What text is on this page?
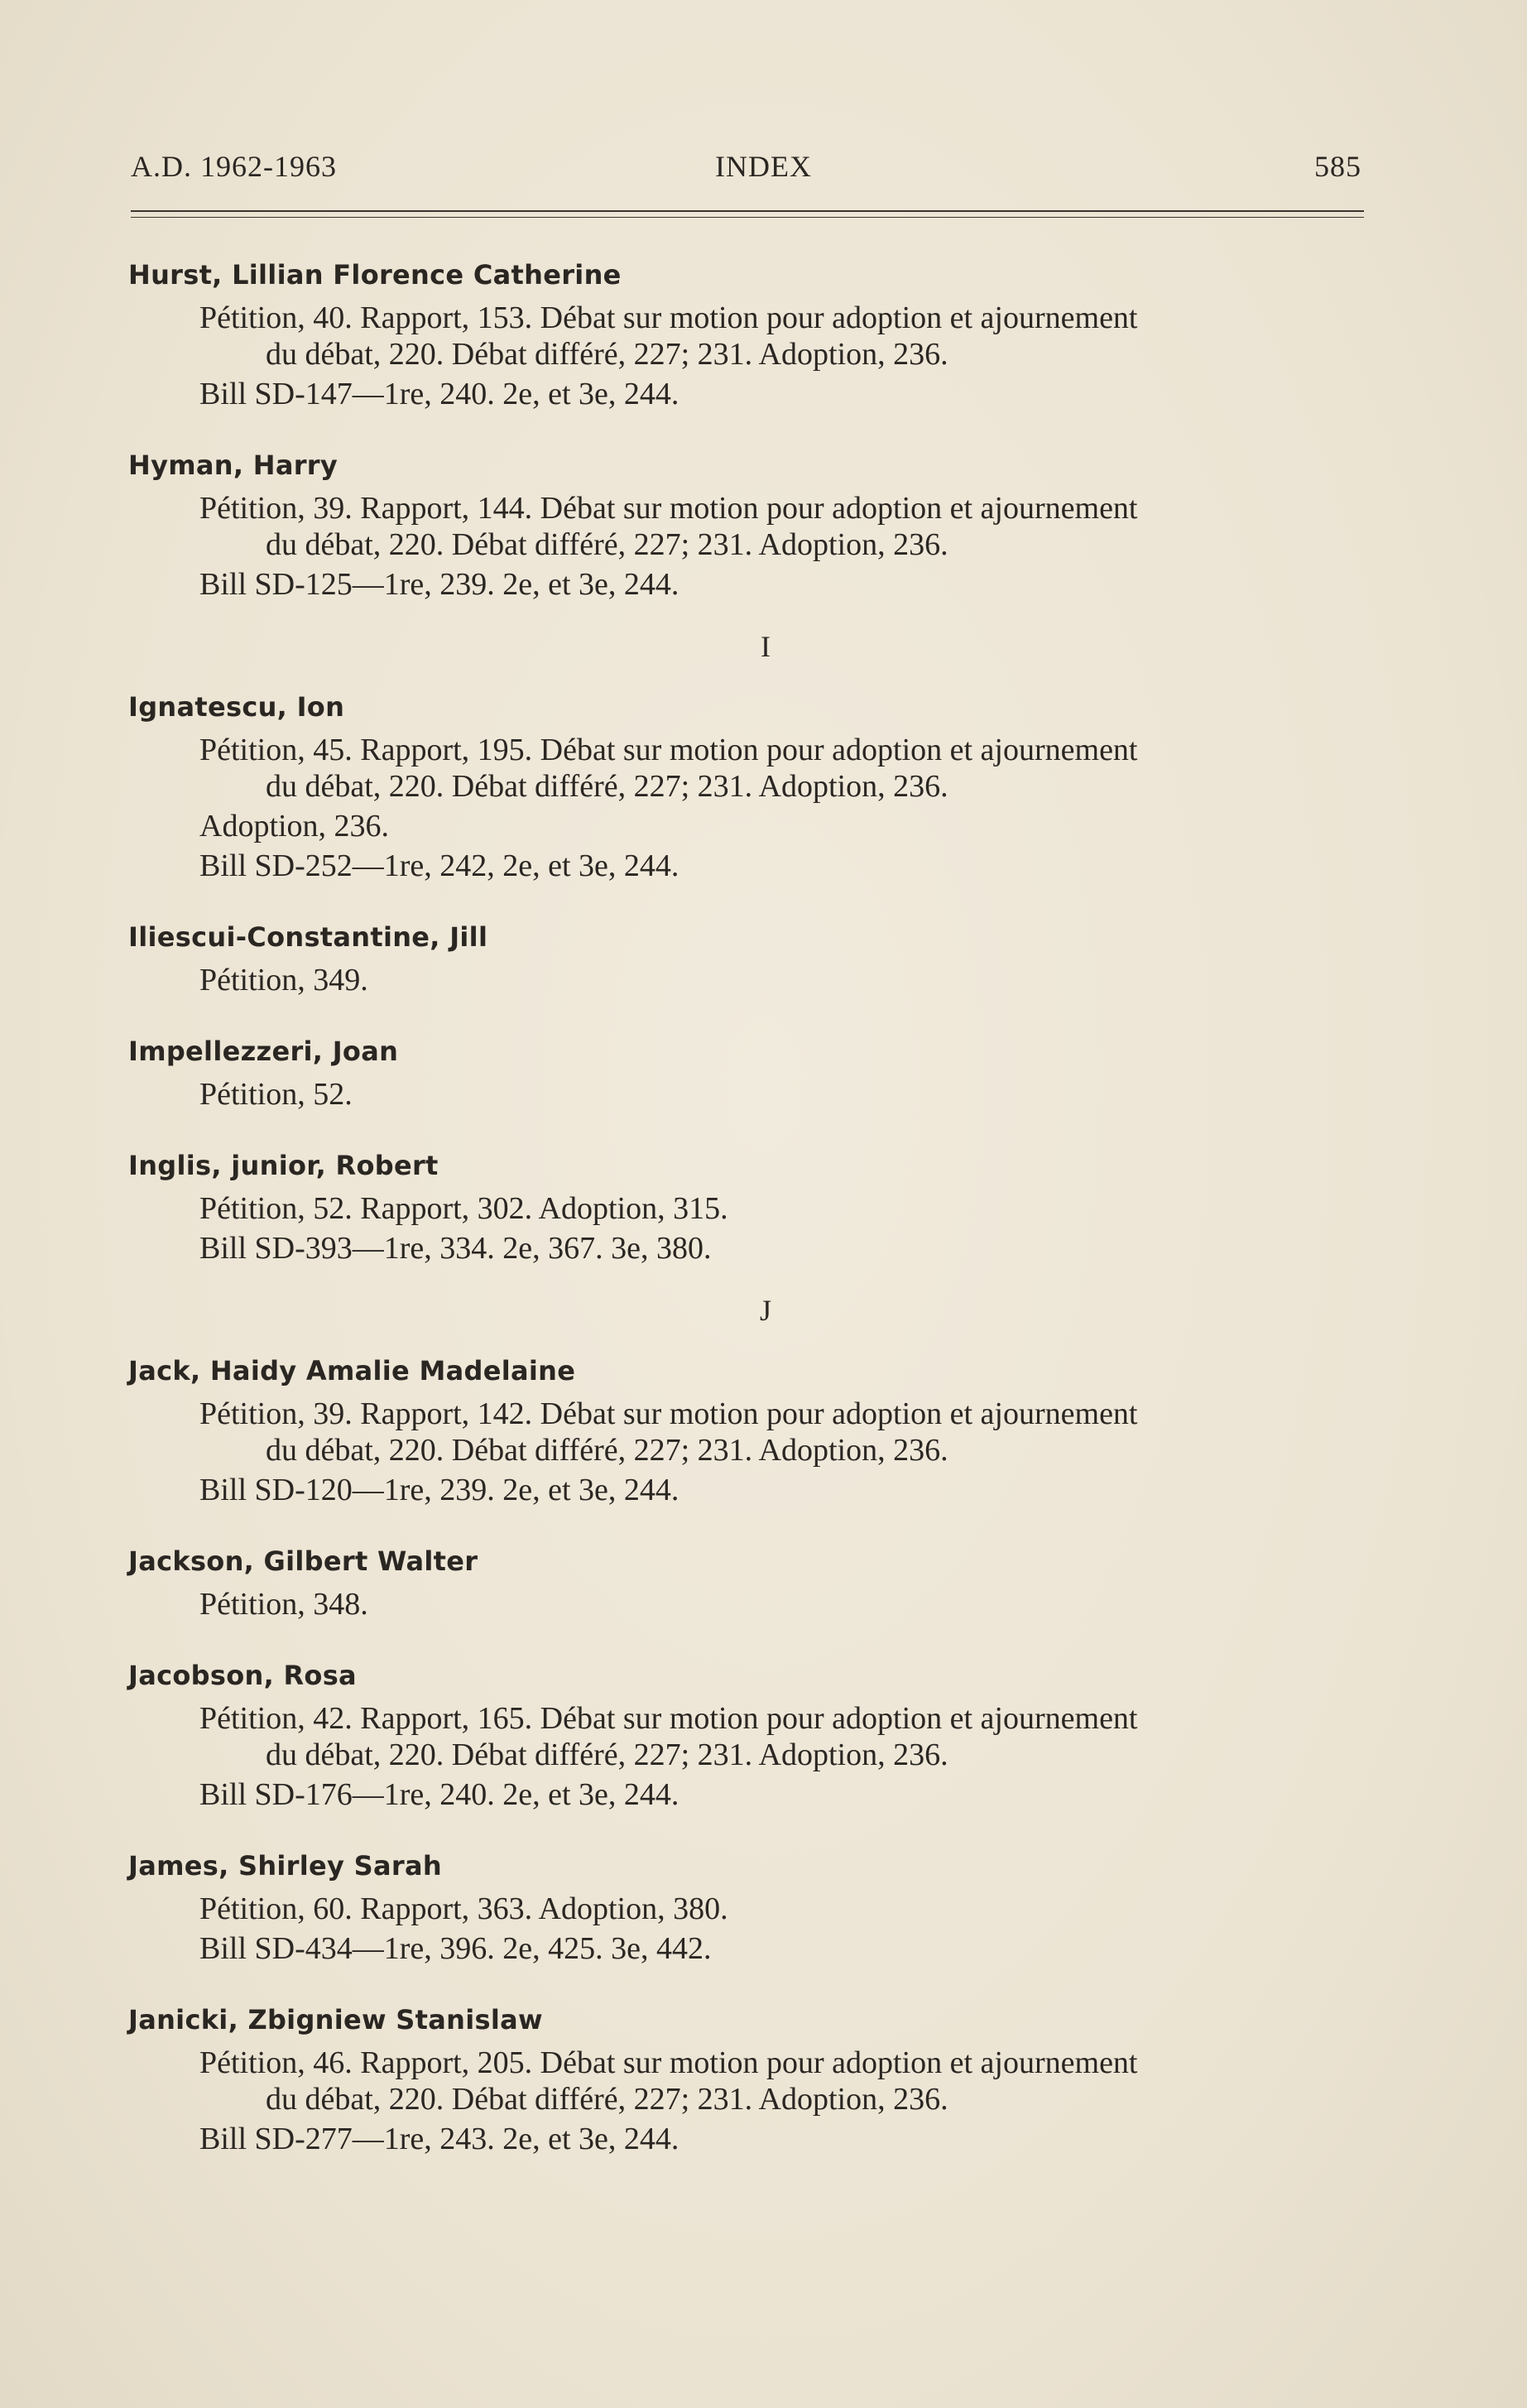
A.D. 1962-1963	INDEX	585
Hurst, Lillian Florence Catherine
Pétition, 40. Rapport, 153. Débat sur motion pour adoption et ajournement
du débat, 220. Débat différé, 227; 231. Adoption, 236.
Bill SD-147—1re, 240. 2e, et 3e, 244.
Hyman, Harry
Pétition, 39. Rapport, 144. Débat sur motion pour adoption et ajournement
du débat, 220. Débat différé, 227; 231. Adoption, 236.
Bill SD-125—1re, 239. 2e, et 3e, 244.
I
Ignatescu, Ion
Pétition, 45. Rapport, 195. Débat sur motion pour adoption et ajournement
du débat, 220. Débat différé, 227; 231. Adoption, 236.
Adoption, 236.
Bill SD-252—1re, 242, 2e, et 3e, 244.
Iliescui-Constantine, Jill
Pétition, 349.
Impellezzeri, Joan
Pétition, 52.
Inglis, junior, Robert
Pétition, 52. Rapport, 302. Adoption, 315.
Bill SD-393—1re, 334. 2e, 367. 3e, 380.
J
Jack, Haidy Amalie Madelaine
Pétition, 39. Rapport, 142. Débat sur motion pour adoption et ajournement
du débat, 220. Débat différé, 227; 231. Adoption, 236.
Bill SD-120—1re, 239. 2e, et 3e, 244.
Jackson, Gilbert Walter
Pétition, 348.
Jacobson, Rosa
Pétition, 42. Rapport, 165. Débat sur motion pour adoption et ajournement
du débat, 220. Débat différé, 227; 231. Adoption, 236.
Bill SD-176—1re, 240. 2e, et 3e, 244.
James, Shirley Sarah
Pétition, 60. Rapport, 363. Adoption, 380.
Bill SD-434—1re, 396. 2e, 425. 3e, 442.
Janicki, Zbigniew Stanislaw
Pétition, 46. Rapport, 205. Débat sur motion pour adoption et ajournement
du débat, 220. Débat différé, 227; 231. Adoption, 236.
Bill SD-277—1re, 243. 2e, et 3e, 244.
